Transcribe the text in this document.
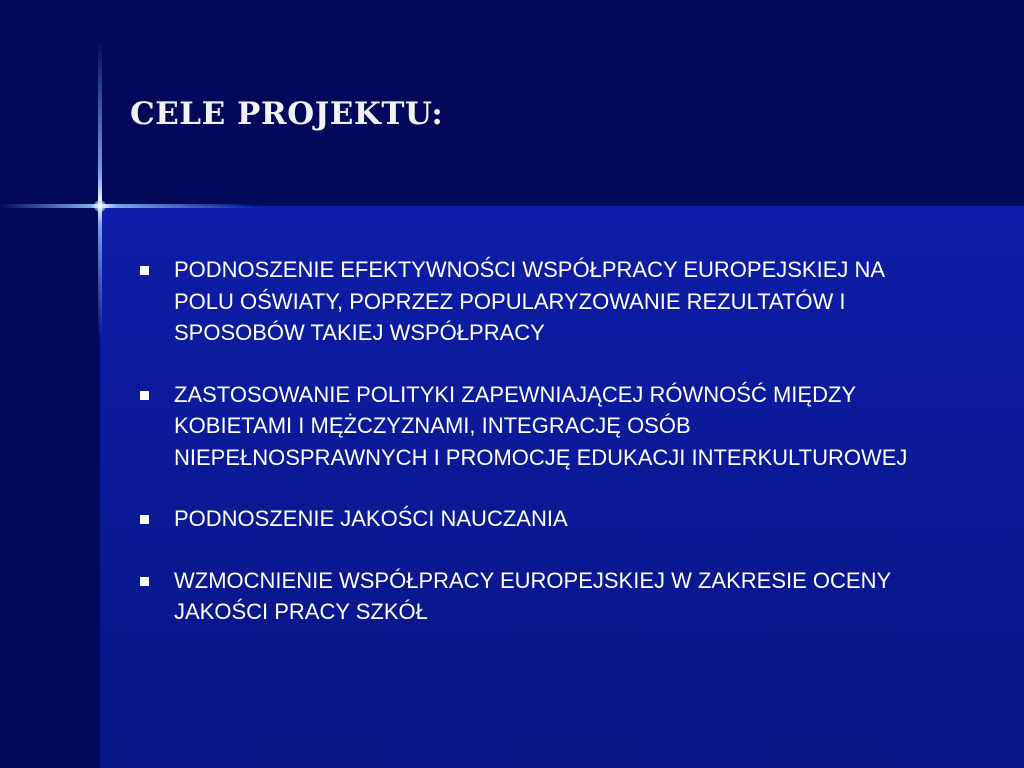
CELE PROJEKTU:
PODNOSZENIE EFEKTYWNOŚCI WSPÓŁPRACY EUROPEJSKIEJ NA
POLU OŚWIATY, POPRZEZ POPULARYZOWANIE REZULTATÓW I
SPOSOBÓW TAKIEJ WSPÓŁPRACY
ZASTOSOWANIE POLITYKI ZAPEWNIAJĄCEJ RÓWNOŚĆ MIĘDZY
KOBIETAMI I MĘŻCZYZNAMI, INTEGRACJĘ OSÓB
NIEPEŁNOSPRAWNYCH I PROMOCJĘ EDUKACJI INTERKULTUROWEJ
PODNOSZENIE JAKOŚCI NAUCZANIA
WZMOCNIENIE WSPÓŁPRACY EUROPEJSKIEJ W ZAKRESIE OCENY
JAKOŚCI PRACY SZKÓŁ
